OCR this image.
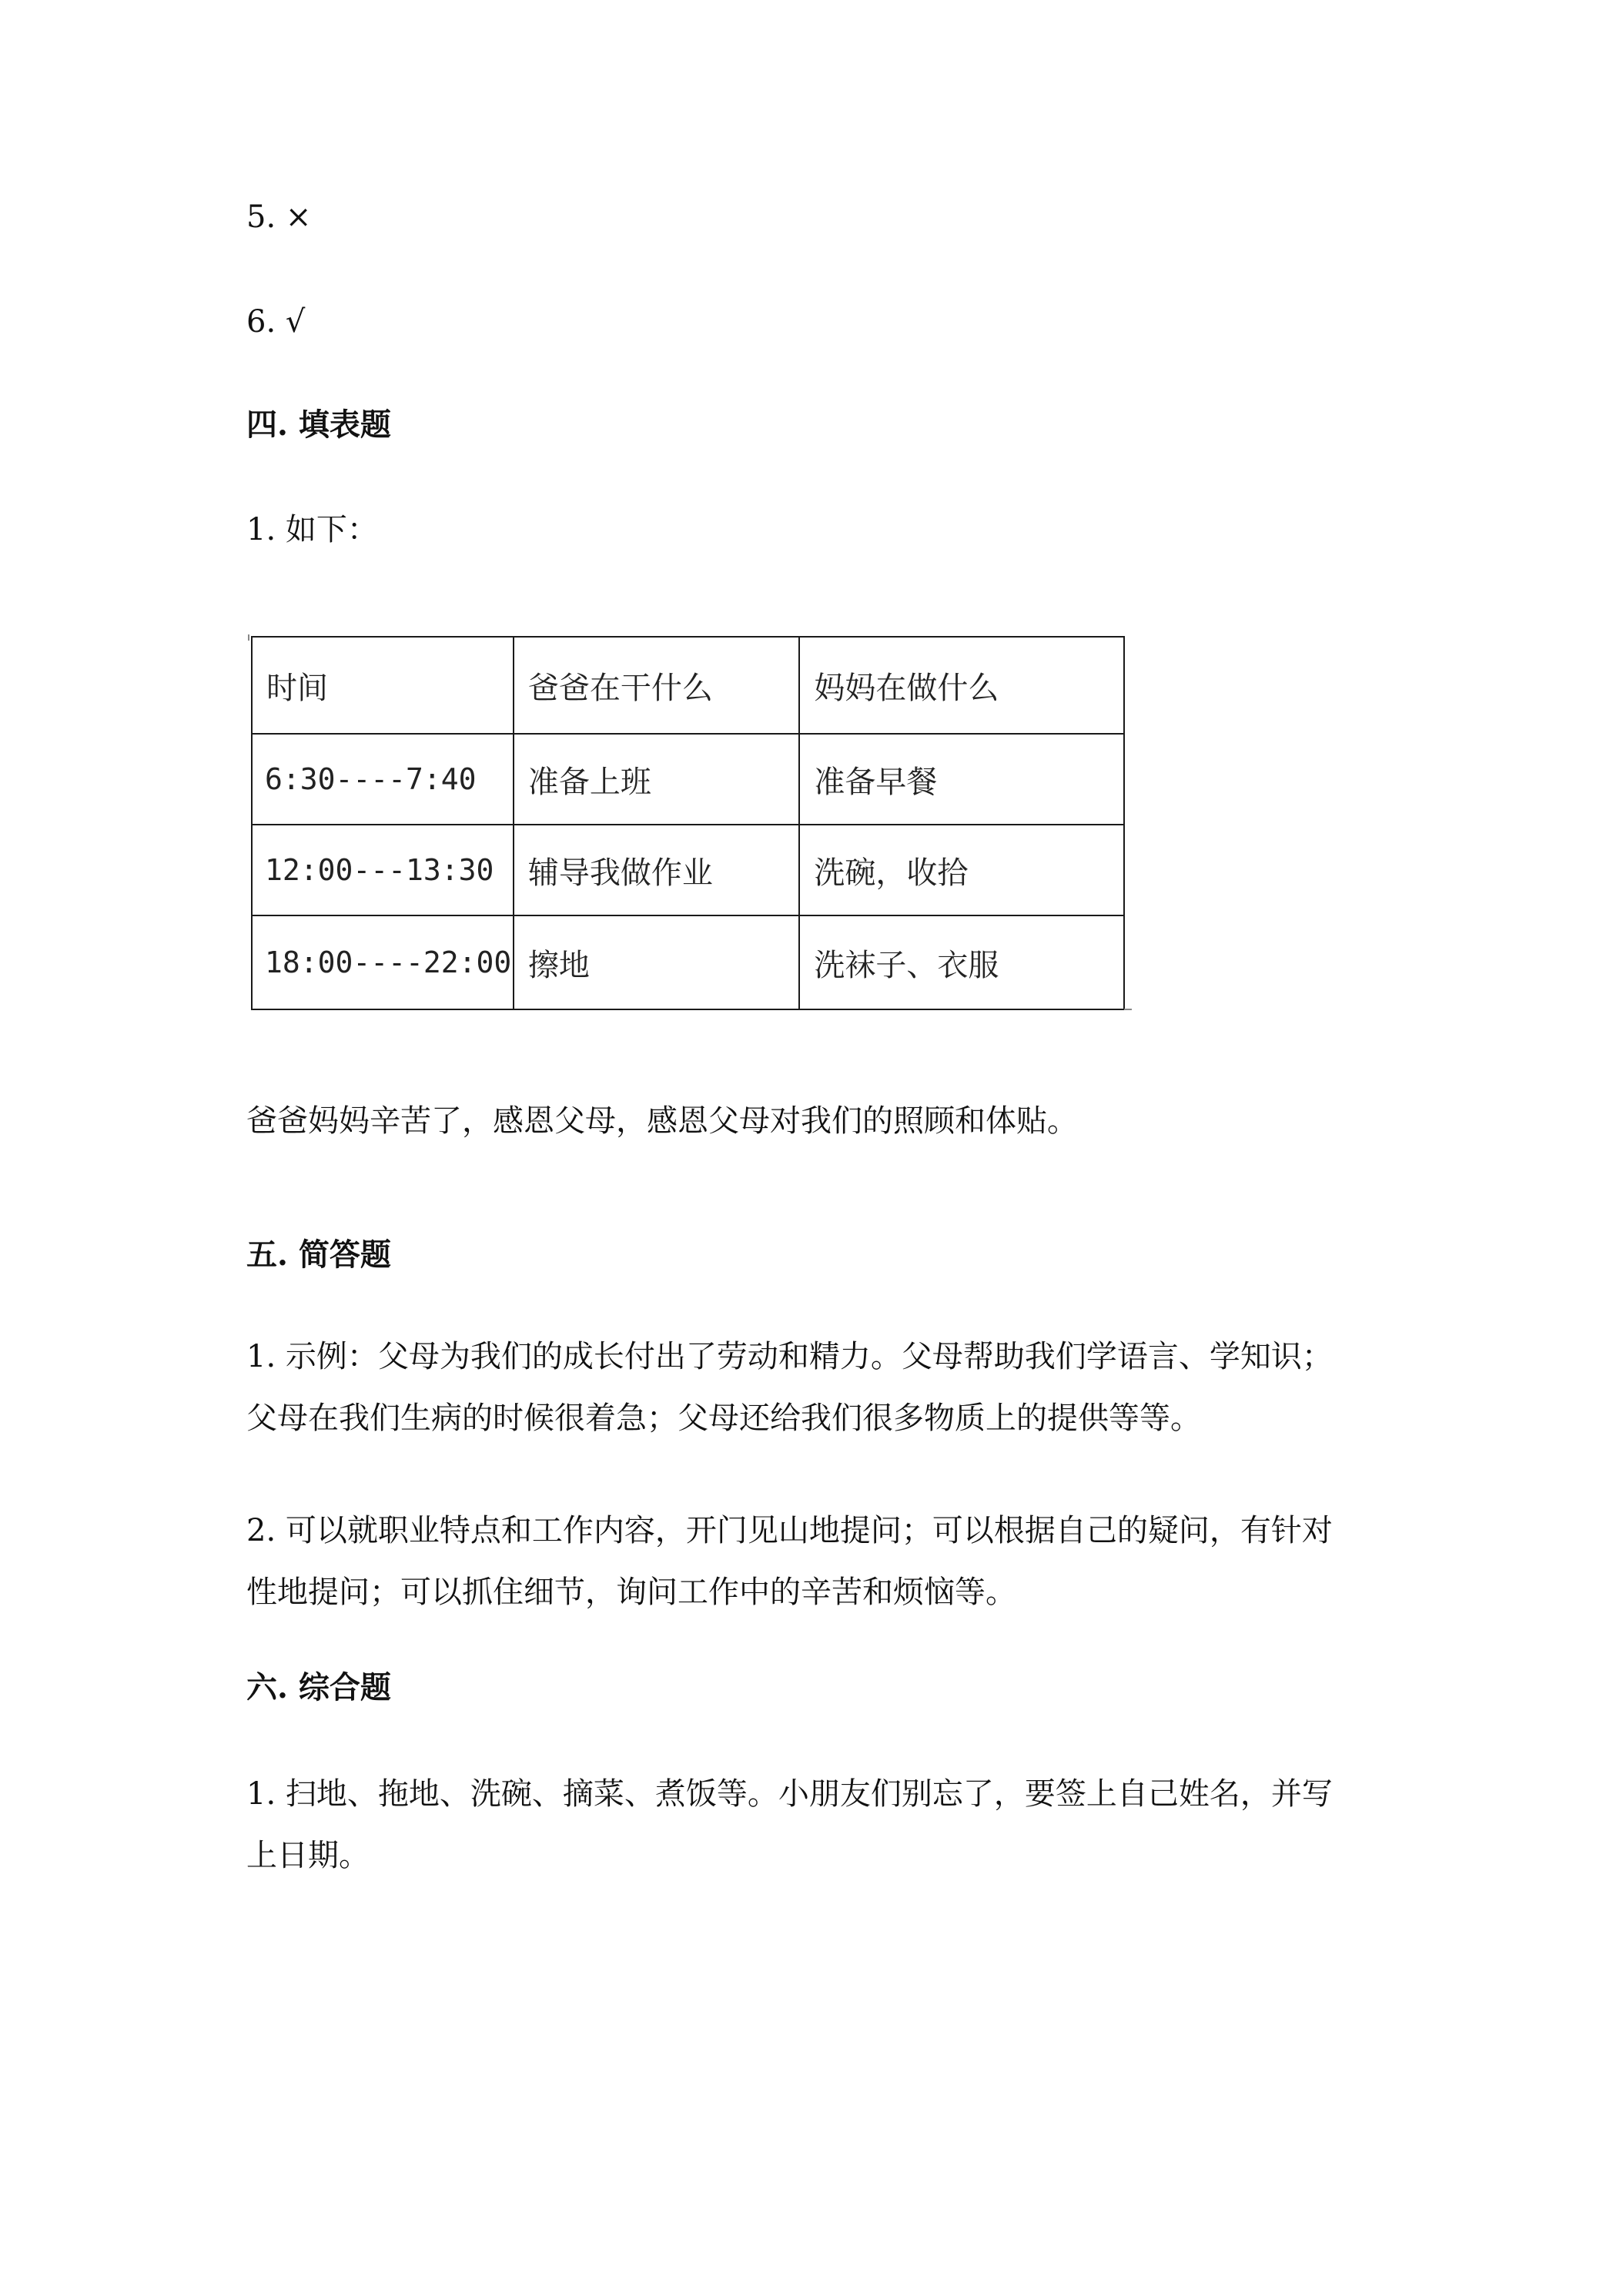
5. ×
6. √
四. 填表题
1. 如下：
时间	爸爸在干什么	妈妈在做什么
6:30----7:40	准备上班	准备早餐
12:00---13:30	辅导我做作业	洗碗，收拾
18:00----22:00	擦地	洗袜子、衣服
爸爸妈妈辛苦了，感恩父母，感恩父母对我们的照顾和体贴。
五. 简答题
1. 示例：父母为我们的成长付出了劳动和精力。父母帮助我们学语言、学知识；
父母在我们生病的时候很着急；父母还给我们很多物质上的提供等等。
2. 可以就职业特点和工作内容，开门见山地提问；可以根据自己的疑问，有针对
性地提问；可以抓住细节，询问工作中的辛苦和烦恼等。
六. 综合题
1. 扫地、拖地、洗碗、摘菜、煮饭等。小朋友们别忘了，要签上自己姓名，并写
上日期。
